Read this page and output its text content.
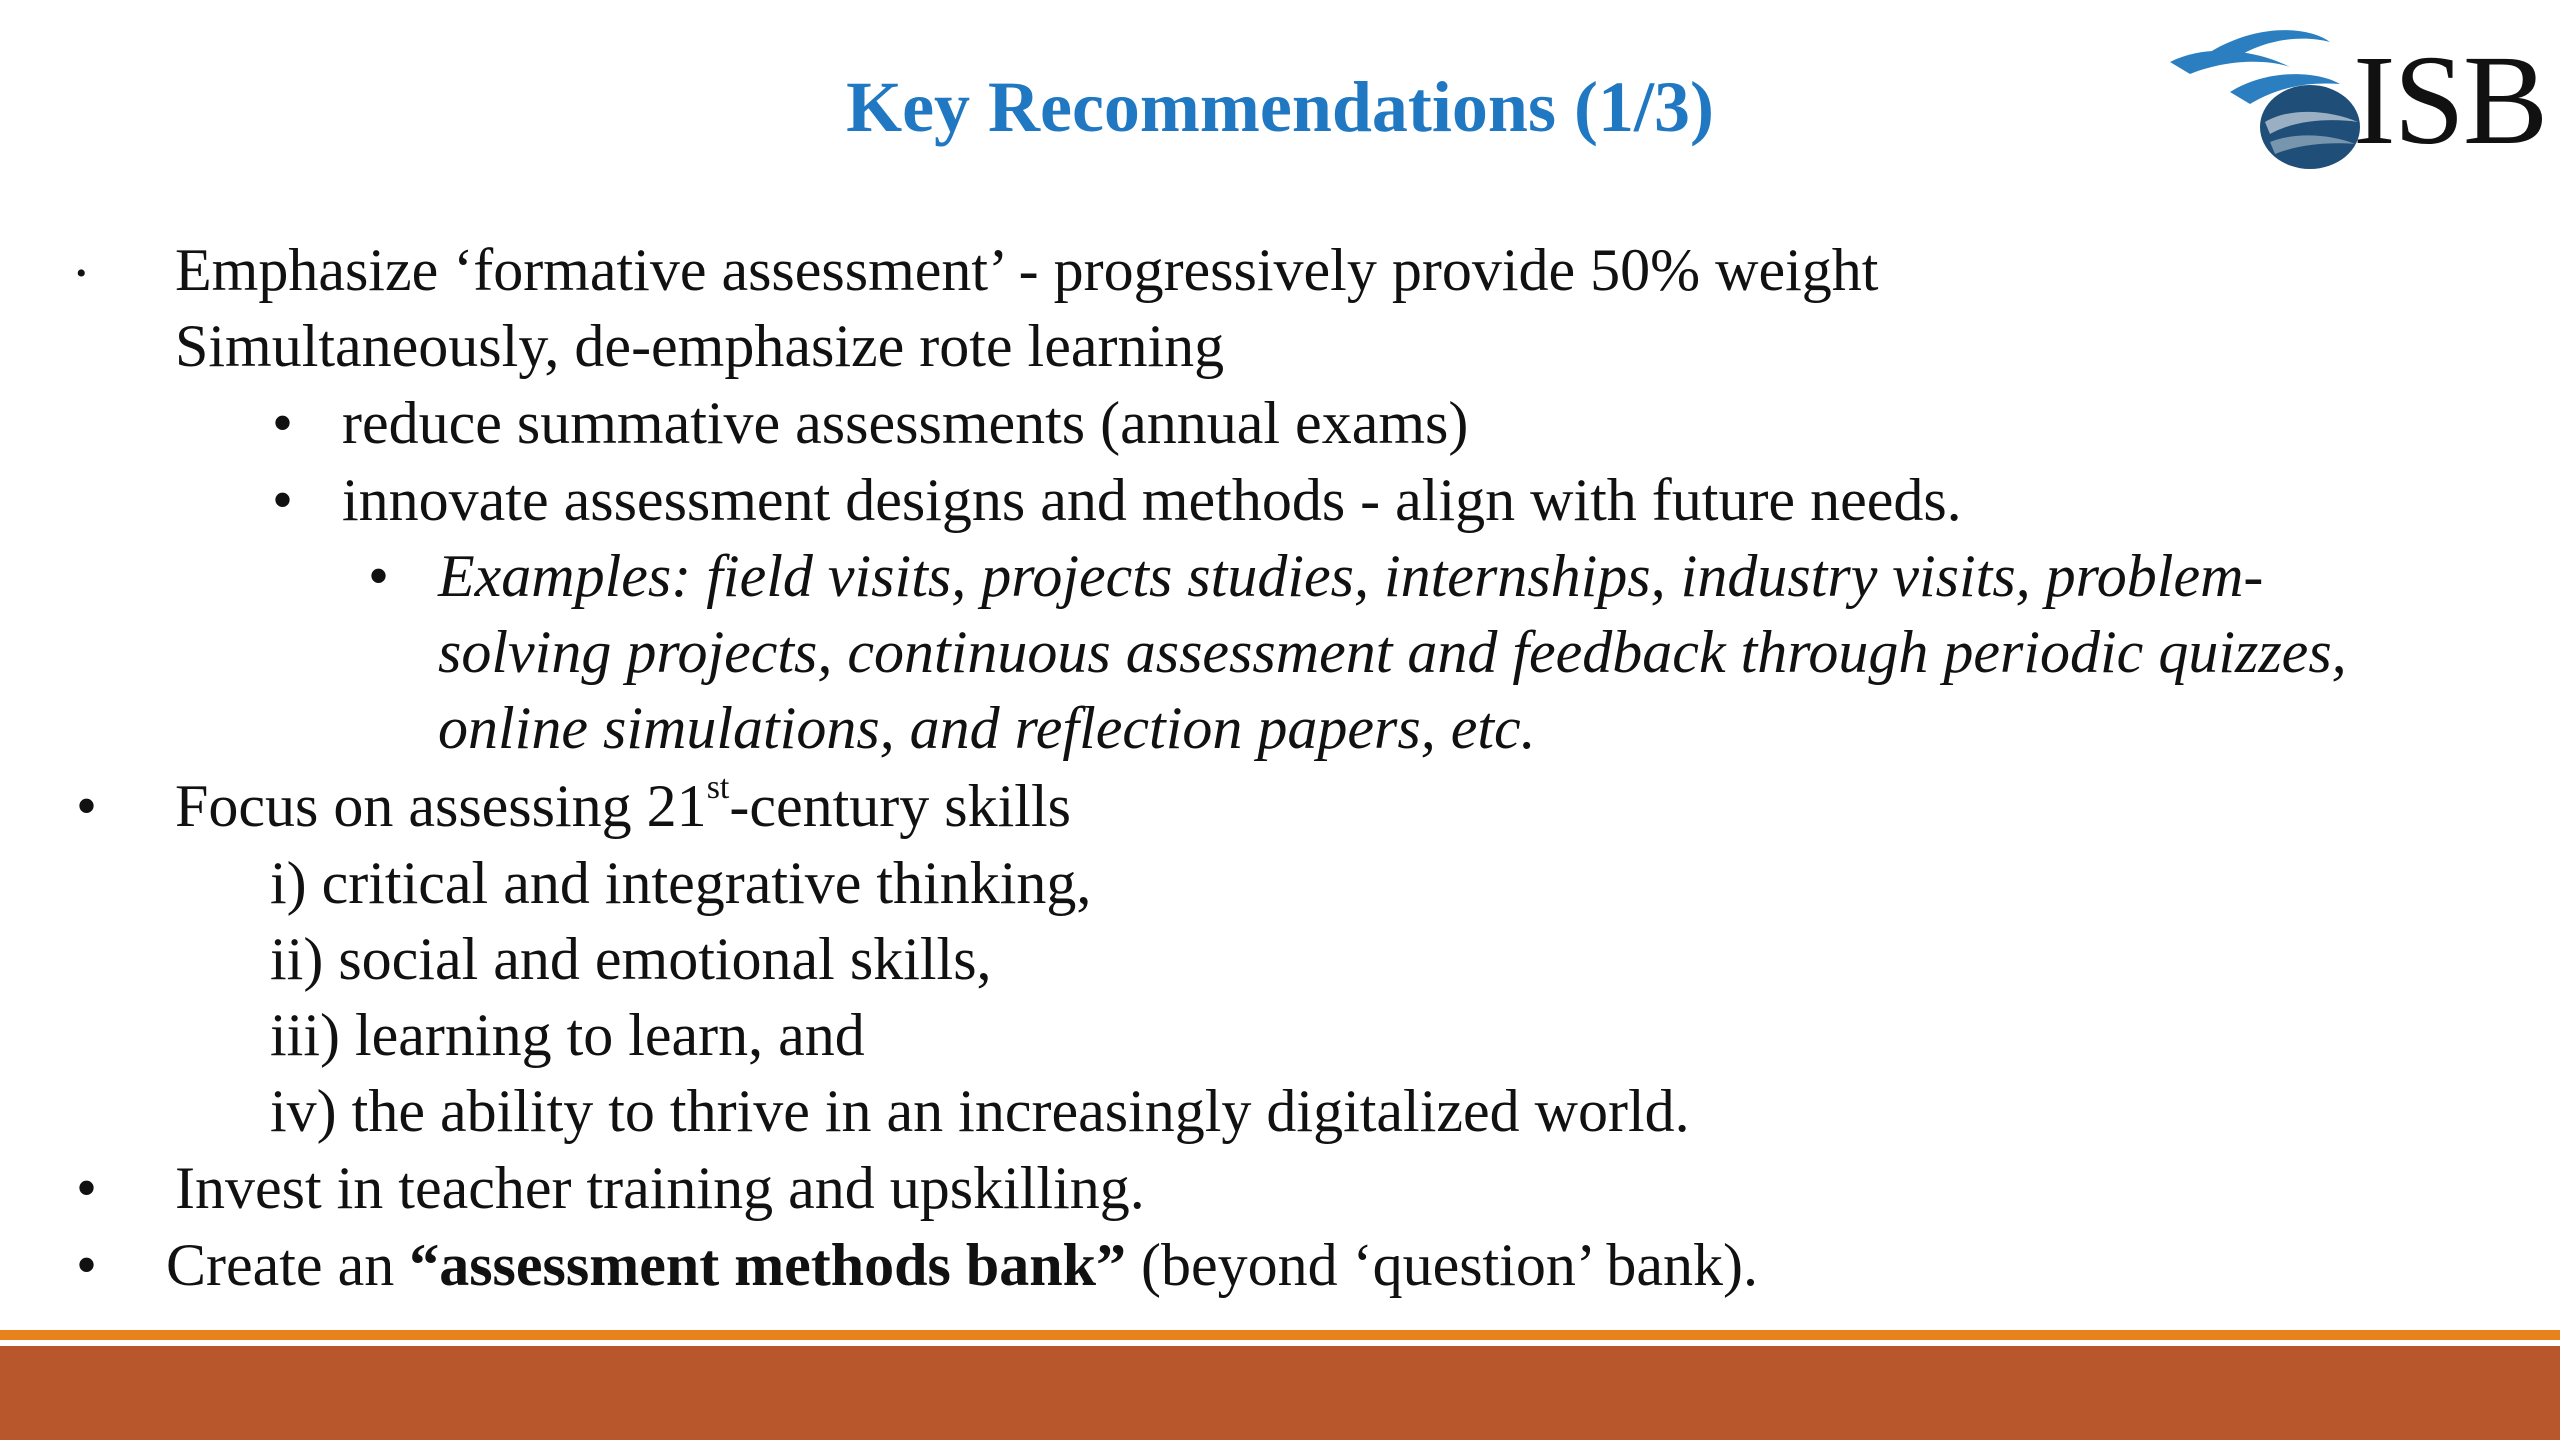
Key Recommendations (1/3)	ISB
• Emphasize ‘formative assessment’ - progressively provide 50% weight
Simultaneously, de-emphasize rote learning
• reduce summative assessments (annual exams)
• innovate assessment designs and methods - align with future needs.
• Examples: field visits, projects studies, internships, industry visits, problem-
solving projects, continuous assessment and feedback through periodic quizzes,
online simulations, and reflection papers, etc.
• Focus on assessing 21st-century skills
i) critical and integrative thinking,
ii) social and emotional skills,
iii) learning to learn, and
iv) the ability to thrive in an increasingly digitalized world.
• Invest in teacher training and upskilling.
• Create an “assessment methods bank” (beyond ‘question’ bank).
